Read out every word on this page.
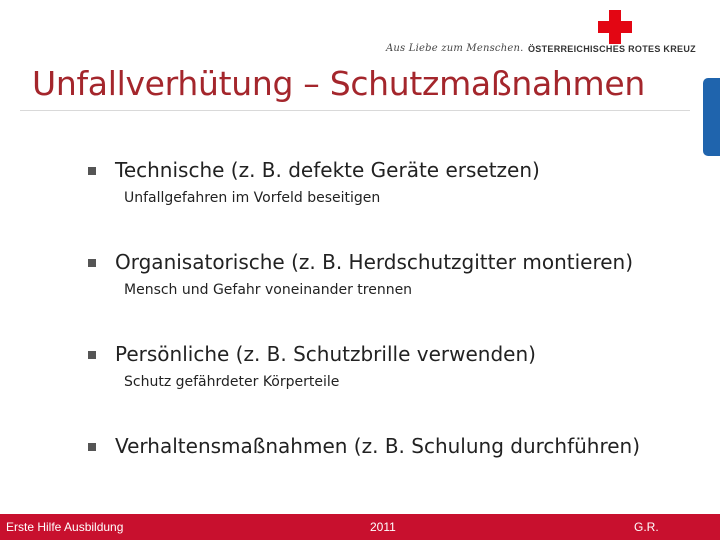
Aus Liebe zum Menschen. ÖSTERREICHISCHES ROTES KREUZ
Unfallverhütung – Schutzmaßnahmen
Technische (z. B. defekte Geräte ersetzen)
Unfallgefahren im Vorfeld beseitigen
Organisatorische (z. B. Herdschutzgitter montieren)
Mensch und Gefahr voneinander trennen
Persönliche (z. B. Schutzbrille verwenden)
Schutz gefährdeter Körperteile
Verhaltensmaßnahmen (z. B. Schulung durchführen)
Erste Hilfe Ausbildung	2011	G.R.
